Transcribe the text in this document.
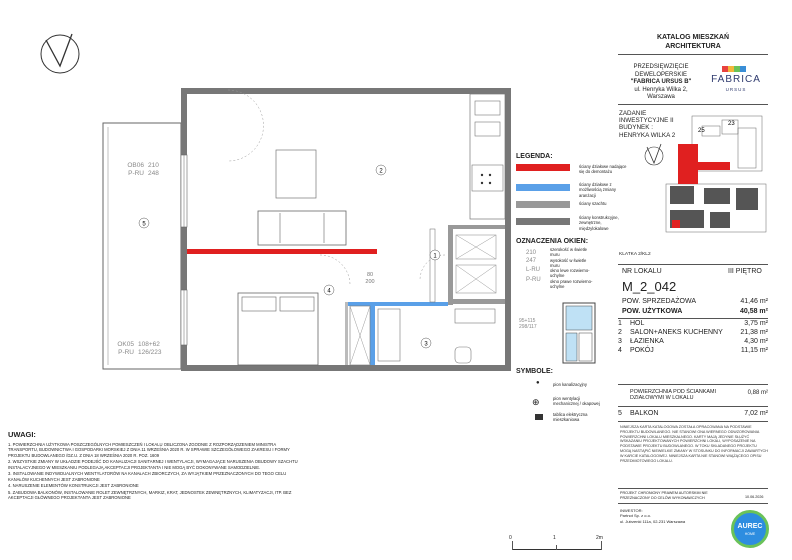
2
1
4
3
5
OB06
P-RU
210
248
OK05
P-RU
108+62
126/223
80
200
0	1	2m
UWAGI:
1. POWIERZCHNIA UŻYTKOWA POSZCZEGÓLNYCH POMIESZCZEŃ I LOKALU OBLICZONA ZGODNIE Z ROZPORZĄDZENIEM MINISTRA TRANSPORTU, BUDOWNICTWA I GOSPODARKI MORSKIEJ Z DNIA 11 WRZEŚNIA 2020 R. W SPRAWIE SZCZEGÓŁOWEGO ZAKRESU I FORMY PROJEKTU BUDOWLANEGO /DZ.U. Z DNIA 18 WRZEŚNIA 2020 R. POZ. 1609
2. WSZYSTKIE ZMIANY W UKŁADZIE PODEJŚĆ DO KANALIZACJI SANITARNEJ I WENTYLACJI, WYMAGAJĄCE NARUSZENIA OBUDOWY SZACHTU INSTALACYJNEGO W MIESZKANIU PODLEGAJĄ AKCEPTACJI PROJEKTANTA I NIE MOGĄ BYĆ DOKONYWANE SAMODZIELNIE.
3. INSTALOWANIE INDYWIDUALNYCH WENTYLATORÓW NA KANAŁACH ZBIORCZYCH, ZA WYJĄTKIEM PRZEZNACZONYCH DO TEGO CELU KANAŁÓW KUCHENNYCH JEST ZABRONIONE
4. NARUSZENIE ELEMENTÓW KONSTRUKCJI JEST ZABRONIONE
5. ZABUDOWA BALKONÓW, INSTALOWANIE ROLET ZEWNĘTRZNYCH, MARKIZ, KRAT, JEDNOSTEK ZEWNĘTRZNYCH, KLIMATYZACJI, ITP. BEZ AKCEPTACJI GŁÓWNEGO PROJEKTANTA JEST ZABRONIONE
LEGENDA:
ściany działowe nadające się do demontażu
ściany działowe z możliwością zmiany aranżacji
ściany szachtu
ściany konstrukcyjne, zewnętrzne, międzylokalowe
OZNACZENIA OKIEN:
210
247
L-RU
P-RU
szerokość w świetle muru
wysokość w świetle muru
okno lewe rozwierno-uchylne
okno prawe rozwierno-uchylne
95+115
298/117
SYMBOLE:
●	pion kanalizacyjny
⊕	pion wentylacji mechanicznej / okapowej
tablica elektryczna mieszkaniowa
KATALOG MIESZKAŃ
ARCHITEKTURA
PRZEDSIĘWZIĘCIE
DEWELOPERSKIE
"FABRICA URSUS B"
ul. Henryka Wilka 2,
Warszawa
FABRICA
URSUS
ZADANIE
INWESTYCYJNE II
BUDYNEK :
HENRYKA WILKA 2
25
23
KLATKA 2/KL2
NR LOKALU	III PIĘTRO
M_2_042
POW. SPRZEDAŻOWA	41,46 m²
POW. UŻYTKOWA	40,58 m²
1 HOL	3,75 m²
2 SALON+ANEKS KUCHENNY	21,38 m²
3 ŁAZIENKA	4,30 m²
4 POKÓJ	11,15 m²
POWIERZCHNIA POD ŚCIANKAMI DZIAŁOWYMI W LOKALU
0,88 m²
5 BALKON	7,02 m²
NINIEJSZA KARTA KATALOGOWA ZOSTAŁA OPRACOWANA NA PODSTAWIE PROJEKTU BUDOWLANEGO. NIE STANOWI ONA WIERNEGO ODWZOROWANIA POWIERZCHNI LOKALU MIESZKALNEGO. KARTY MAJĄ JEDYNIE SŁUŻYĆ WSKAZANIU PROJEKTOWANYCH POWIERZCHNI LOKALI, WYPOSAŻENIE NA PODSTAWIE PROJEKTU BUDOWLANEGO. W TOKU SKŁADANEGO PROJEKTU MOGĄ NASTĄPIĆ NIEWIELKIE ZMIANY W STOSUNKU DO INFORMACJI ZAWARTYCH W KARCIE KATALOGOWEJ. NINIEJSZA KARTA NIE STANOWI WIĄŻĄCEGO OPISU PRZEDMIOTOWEGO LOKALU.
PROJEKT CHRONIONY PRAWEM AUTORSKIM NIE PRZEZNACZONY DO CELÓW WYKONAWCZYCH	10.06.2026
INWESTOR:
Partnot Sp. z o.o.
ul. Jutrzenki 111a, 02-231 Warszawa
AUREC
HOME
